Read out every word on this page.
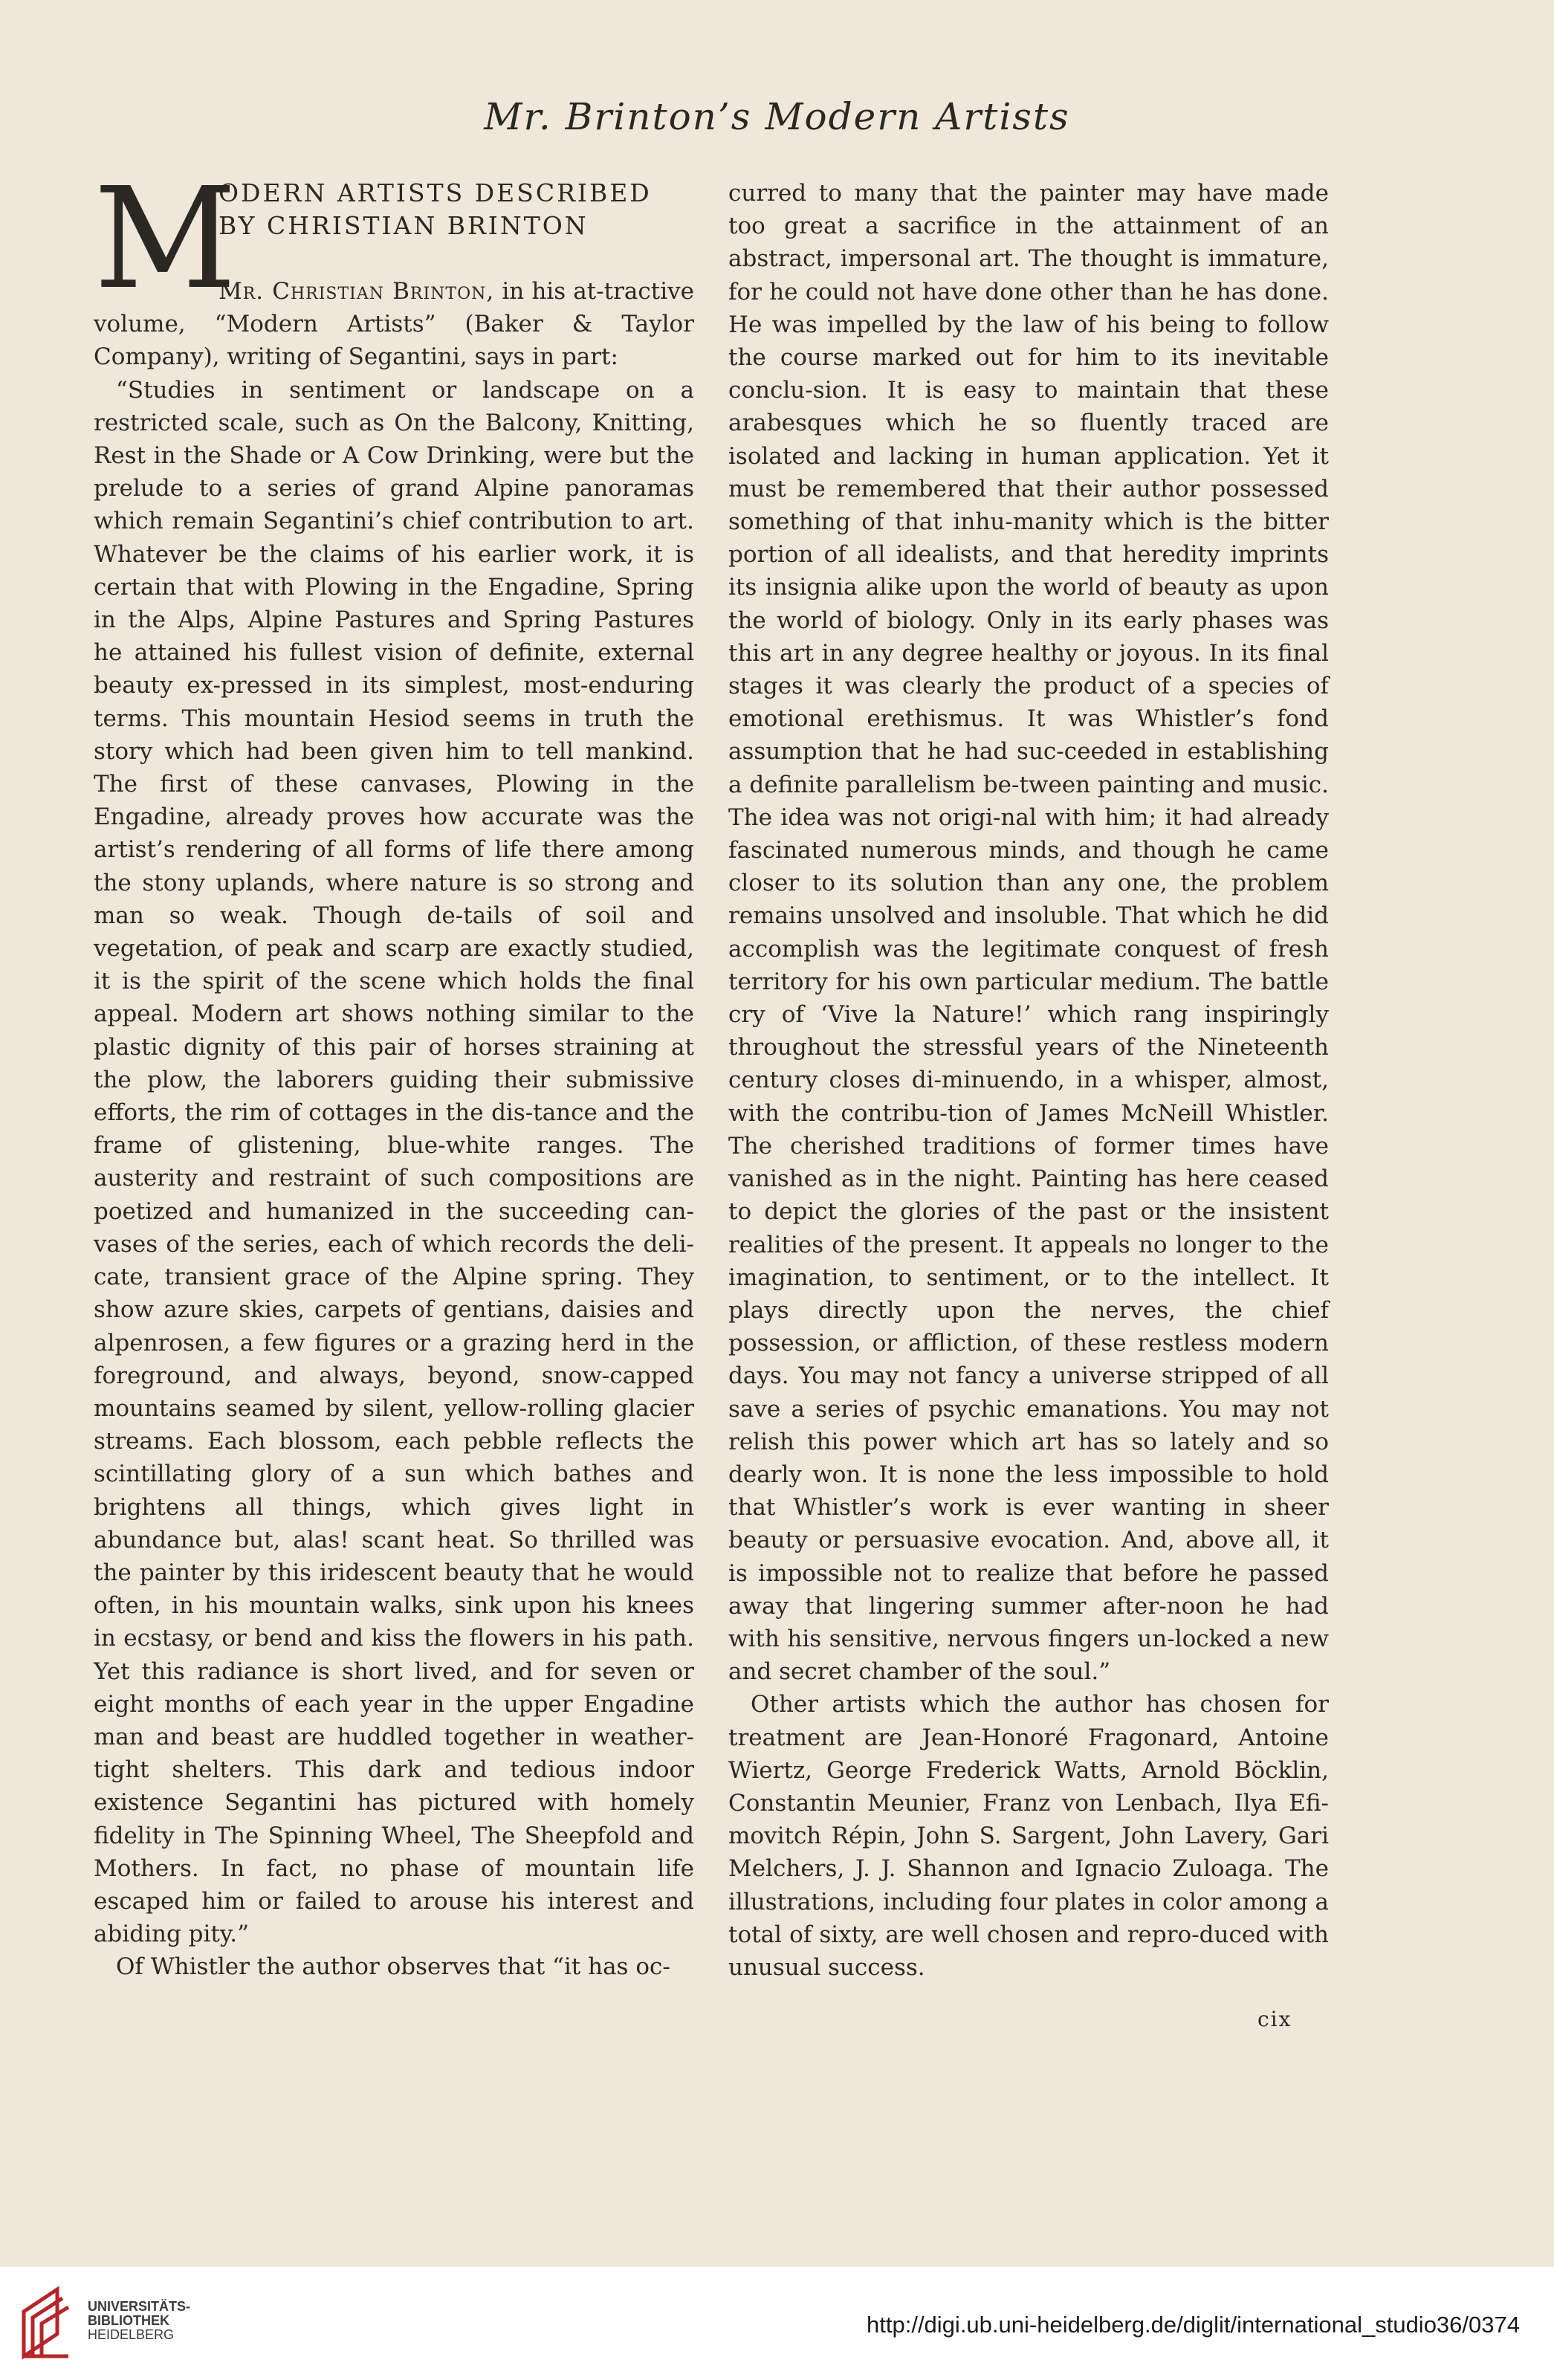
Mr. Brinton’s Modern Artists
M
ODERN ARTISTS DESCRIBED
BY CHRISTIAN BRINTON

Mr. Christian Brinton, in his at-tractive volume, “Modern Artists” (Baker & Taylor Company), writing of Segantini, says in part:

“Studies in sentiment or landscape on a restricted scale, such as On the Balcony, Knitting, Rest in the Shade or A Cow Drinking, were but the prelude to a series of grand Alpine panoramas which remain Segantini’s chief contribution to art. Whatever be the claims of his earlier work, it is certain that with Plowing in the Engadine, Spring in the Alps, Alpine Pastures and Spring Pastures he attained his fullest vision of definite, external beauty ex-pressed in its simplest, most-enduring terms. This mountain Hesiod seems in truth the story which had been given him to tell mankind. The first of these canvases, Plowing in the Engadine, already proves how accurate was the artist’s rendering of all forms of life there among the stony uplands, where nature is so strong and man so weak. Though de-tails of soil and vegetation, of peak and scarp are exactly studied, it is the spirit of the scene which holds the final appeal. Modern art shows nothing similar to the plastic dignity of this pair of horses straining at the plow, the laborers guiding their submissive efforts, the rim of cottages in the dis-tance and the frame of glistening, blue-white ranges. The austerity and restraint of such compositions are poetized and humanized in the succeeding can-vases of the series, each of which records the deli-cate, transient grace of the Alpine spring. They show azure skies, carpets of gentians, daisies and alpenrosen, a few figures or a grazing herd in the foreground, and always, beyond, snow-capped mountains seamed by silent, yellow-rolling glacier streams. Each blossom, each pebble reflects the scintillating glory of a sun which bathes and brightens all things, which gives light in abundance but, alas! scant heat. So thrilled was the painter by this iridescent beauty that he would often, in his mountain walks, sink upon his knees in ecstasy, or bend and kiss the flowers in his path. Yet this radiance is short lived, and for seven or eight months of each year in the upper Engadine man and beast are huddled together in weather-tight shelters. This dark and tedious indoor existence Segantini has pictured with homely fidelity in The Spinning Wheel, The Sheepfold and Mothers. In fact, no phase of mountain life escaped him or failed to arouse his interest and abiding pity.”

Of Whistler the author observes that “it has oc-

curred to many that the painter may have made too great a sacrifice in the attainment of an abstract, impersonal art. The thought is immature, for he could not have done other than he has done. He was impelled by the law of his being to follow the course marked out for him to its inevitable conclu-sion. It is easy to maintain that these arabesques which he so fluently traced are isolated and lacking in human application. Yet it must be remembered that their author possessed something of that inhu-manity which is the bitter portion of all idealists, and that heredity imprints its insignia alike upon the world of beauty as upon the world of biology. Only in its early phases was this art in any degree healthy or joyous. In its final stages it was clearly the product of a species of emotional erethismus. It was Whistler’s fond assumption that he had suc-ceeded in establishing a definite parallelism be-tween painting and music. The idea was not origi-nal with him; it had already fascinated numerous minds, and though he came closer to its solution than any one, the problem remains unsolved and insoluble. That which he did accomplish was the legitimate conquest of fresh territory for his own particular medium. The battle cry of ‘Vive la Nature!’ which rang inspiringly throughout the stressful years of the Nineteenth century closes di-minuendo, in a whisper, almost, with the contribu-tion of James McNeill Whistler. The cherished traditions of former times have vanished as in the night. Painting has here ceased to depict the glories of the past or the insistent realities of the present. It appeals no longer to the imagination, to sentiment, or to the intellect. It plays directly upon the nerves, the chief possession, or affliction, of these restless modern days. You may not fancy a universe stripped of all save a series of psychic emanations. You may not relish this power which art has so lately and so dearly won. It is none the less impossible to hold that Whistler’s work is ever wanting in sheer beauty or persuasive evocation. And, above all, it is impossible not to realize that before he passed away that lingering summer after-noon he had with his sensitive, nervous fingers un-locked a new and secret chamber of the soul.”

Other artists which the author has chosen for treatment are Jean-Honoré Fragonard, Antoine Wiertz, George Frederick Watts, Arnold Böcklin, Constantin Meunier, Franz von Lenbach, Ilya Efi-movitch Répin, John S. Sargent, John Lavery, Gari Melchers, J. J. Shannon and Ignacio Zuloaga. The illustrations, including four plates in color among a total of sixty, are well chosen and repro-duced with unusual success.

cix
UNIVERSITÄTS-
BIBLIOTHEK
HEIDELBERG	http://digi.ub.uni-heidelberg.de/diglit/international_studio36/0374
